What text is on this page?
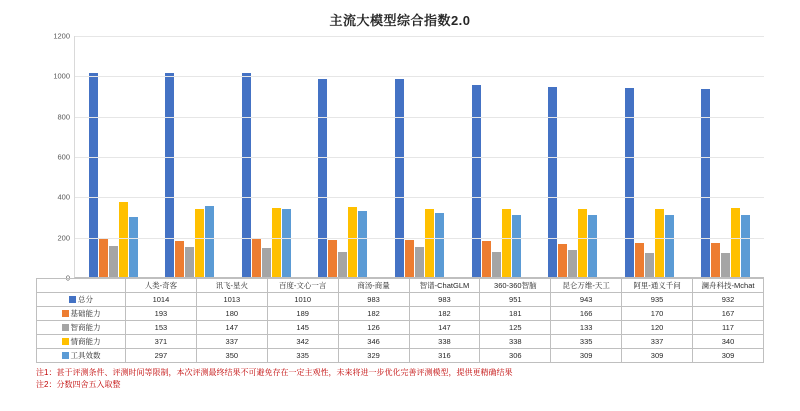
主流大模型综合指数2.0
0
200
400
600
800
1000
1200
	人类-奇客	讯飞-星火	百度-文心一言	商汤-商量	智谱-ChatGLM	360-360智脑	昆仑万维-天工	阿里-通义千问	澜舟科技-Mchat
总分	1014	1013	1010	983	983	951	943	935	932
基础能力	193	180	189	182	182	181	166	170	167
智商能力	153	147	145	126	147	125	133	120	117
情商能力	371	337	342	346	338	338	335	337	340
工具效数	297	350	335	329	316	306	309	309	309
注1：甚于评测条件、评测时间等限制，本次评测最终结果不可避免存在一定主观性，未来将进一步优化完善评测模型，提供更精确结果
注2：分数四舍五入取整
